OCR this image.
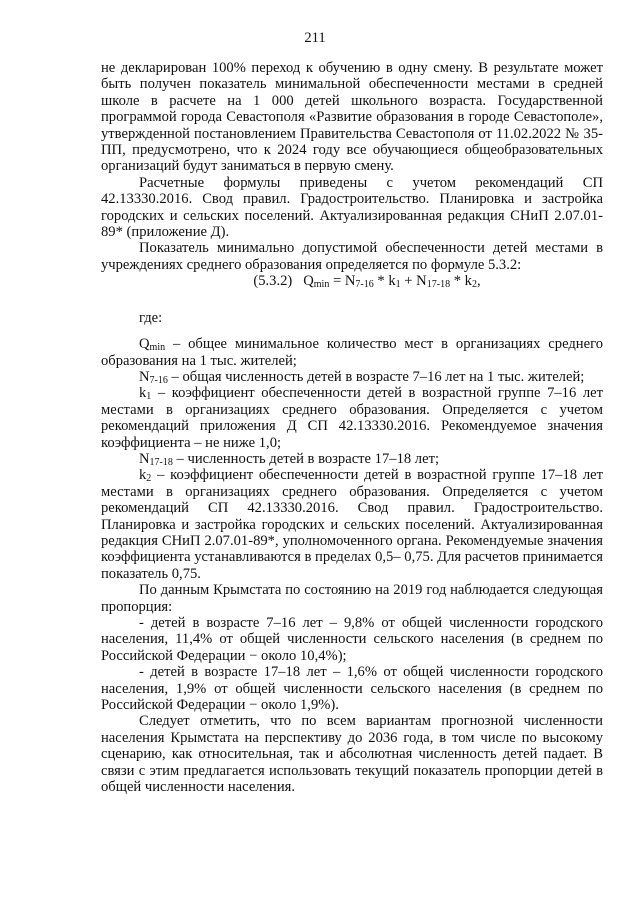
211

не декларирован 100% переход к обучению в одну смену. В результате может быть получен показатель минимальной обеспеченности местами в средней школе в расчете на 1 000 детей школьного возраста. Государственной программой города Севастополя «Развитие образования в городе Севастополе», утвержденной постановлением Правительства Севастополя от 11.02.2022 № 35-ПП, предусмотрено, что к 2024 году все обучающиеся общеобразовательных организаций будут заниматься в первую смену.

Расчетные формулы приведены с учетом рекомендаций СП 42.13330.2016. Свод правил. Градостроительство. Планировка и застройка городских и сельских поселений. Актуализированная редакция СНиП 2.07.01-89* (приложение Д).

Показатель минимально допустимой обеспеченности детей местами в учреждениях среднего образования определяется по формуле 5.3.2:

(5.3.2) $Q_{min} = N_{7-16} * k_1 + N_{17-18} * k_2$,

где:

$Q_{min}$ – общее минимальное количество мест в организациях среднего образования на 1 тыс. жителей;

$N_{7-16}$ – общая численность детей в возрасте 7–16 лет на 1 тыс. жителей;

$k_1$ – коэффициент обеспеченности детей в возрастной группе 7–16 лет местами в организациях среднего образования. Определяется с учетом рекомендаций приложения Д СП 42.13330.2016. Рекомендуемое значения коэффициента – не ниже 1,0;

$N_{17-18}$ – численность детей в возрасте 17–18 лет;

$k_2$ – коэффициент обеспеченности детей в возрастной группе 17–18 лет местами в организациях среднего образования. Определяется с учетом рекомендаций СП 42.13330.2016. Свод правил. Градостроительство. Планировка и застройка городских и сельских поселений. Актуализированная редакция СНиП 2.07.01-89*, уполномоченного органа. Рекомендуемые значения коэффициента устанавливаются в пределах 0,5– 0,75. Для расчетов принимается показатель 0,75.

По данным Крымстата по состоянию на 2019 год наблюдается следующая пропорция:

- детей в возрасте 7–16 лет – 9,8% от общей численности городского населения, 11,4% от общей численности сельского населения (в среднем по Российской Федерации − около 10,4%);

- детей в возрасте 17–18 лет – 1,6% от общей численности городского населения, 1,9% от общей численности сельского населения (в среднем по Российской Федерации − около 1,9%).

Следует отметить, что по всем вариантам прогнозной численности населения Крымстата на перспективу до 2036 года, в том числе по высокому сценарию, как относительная, так и абсолютная численность детей падает. В связи с этим предлагается использовать текущий показатель пропорции детей в общей численности населения.
